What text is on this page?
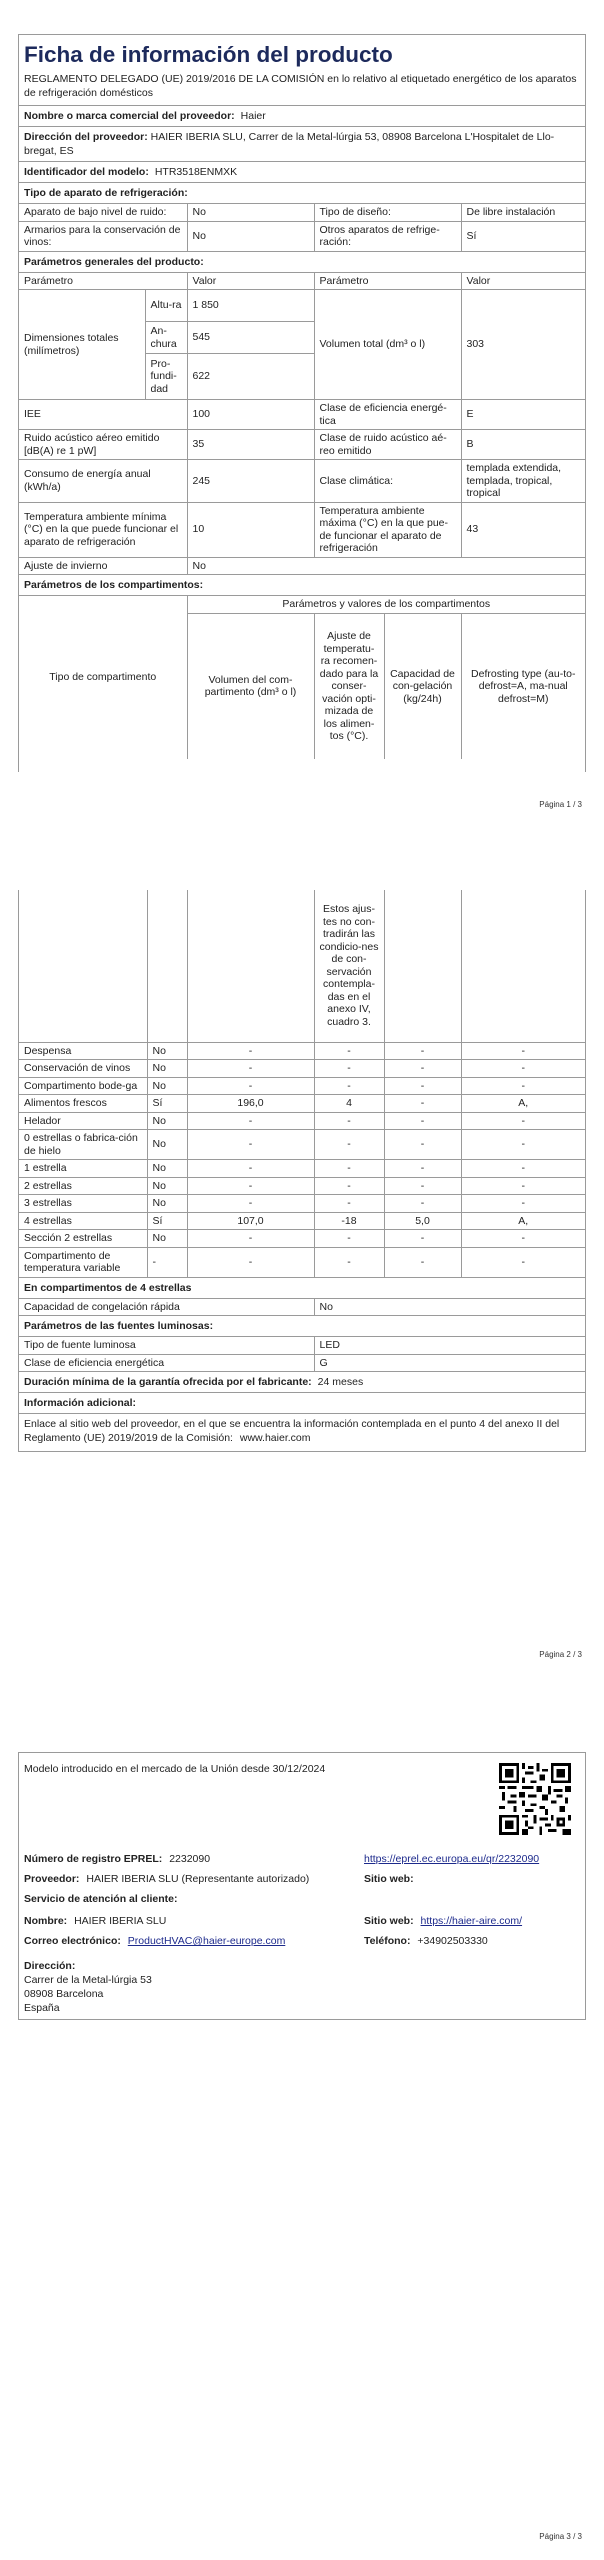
Ficha de información del producto
REGLAMENTO DELEGADO (UE) 2019/2016 DE LA COMISIÓN en lo relativo al etiquetado energético de los aparatos de refrigeración domésticos
Nombre o marca comercial del proveedor: Haier
Dirección del proveedor: HAIER IBERIA SLU, Carrer de la Metal-lúrgia 53, 08908 Barcelona L'Hospitalet de Llo-bregat, ES
Identificador del modelo: HTR3518ENMXK
Tipo de aparato de refrigeración:
Aparato de bajo nivel de ruido:	No	Tipo de diseño:	De libre instalación
Armarios para la conservación de vinos:	No	Otros aparatos de refrige-ración:	Sí
Parámetros generales del producto:
Parámetro		Valor	Parámetro	Valor
Dimensiones totales (milímetros)	Altu-ra	1 850	Volumen total (dm³ o l)	303
	An-chura	545		
	Pro-fundi-dad	622		
IEE		100	Clase de eficiencia energé-tica	E
Ruido acústico aéreo emitido [dB(A) re 1 pW]		35	Clase de ruido acústico aé-reo emitido	B
Consumo de energía anual (kWh/a)		245	Clase climática:	templada extendida, templada, tropical, tropical
Temperatura ambiente mínima (°C) en la que puede funcionar el aparato de refrigeración		10	Temperatura ambiente máxima (°C) en la que pue-de funcionar el aparato de refrigeración	43
Ajuste de invierno		No		
Parámetros de los compartimentos:
Tipo de compartimento	Parámetros y valores de los compartimentos			
	Volumen del com-partimento (dm³ o l)	Ajuste de temperatu-ra recomen-dado para la conser-vación opti-mizada de los alimen-tos (°C).	Capacidad de con-gelación (kg/24h)	Defrosting type (au-to-defrost=A, ma-nual defrost=M)
Página 1 / 3
			Estos ajus-tes no con-tradirán las condicio-nes de con-servación contempla-das en el anexo IV, cuadro 3.		
Despensa	No	-	-	-	-
Conservación de vinos	No	-	-	-	-
Compartimento bode-ga	No	-	-	-	-
Alimentos frescos	Sí	196,0	4	-	A,
Helador	No	-	-	-	-
0 estrellas o fabrica-ción de hielo	No	-	-	-	-
1 estrella	No	-	-	-	-
2 estrellas	No	-	-	-	-
3 estrellas	No	-	-	-	-
4 estrellas	Sí	107,0	-18	5,0	A,
Sección 2 estrellas	No	-	-	-	-
Compartimento de temperatura variable	-	-	-	-	-
En compartimentos de 4 estrellas
Capacidad de congelación rápida	No
Parámetros de las fuentes luminosas:
Tipo de fuente luminosa	LED
Clase de eficiencia energética	G
Duración mínima de la garantía ofrecida por el fabricante: 24 meses
Información adicional:
Enlace al sitio web del proveedor, en el que se encuentra la información contemplada en el punto 4 del anexo II del Reglamento (UE) 2019/2019 de la Comisión: www.haier.com
Página 2 / 3
Modelo introducido en el mercado de la Unión desde 30/12/2024
Número de registro EPREL: 2232090	https://eprel.ec.europa.eu/qr/2232090
Proveedor: HAIER IBERIA SLU (Representante autorizado)	Sitio web:
Servicio de atención al cliente:
Nombre: HAIER IBERIA SLU	Sitio web: https://haier-aire.com/
Correo electrónico: ProductHVAC@haier-europe.com	Teléfono: +34902503330
Dirección:
Carrer de la Metal-lúrgia 53
08908 Barcelona
España
Página 3 / 3
